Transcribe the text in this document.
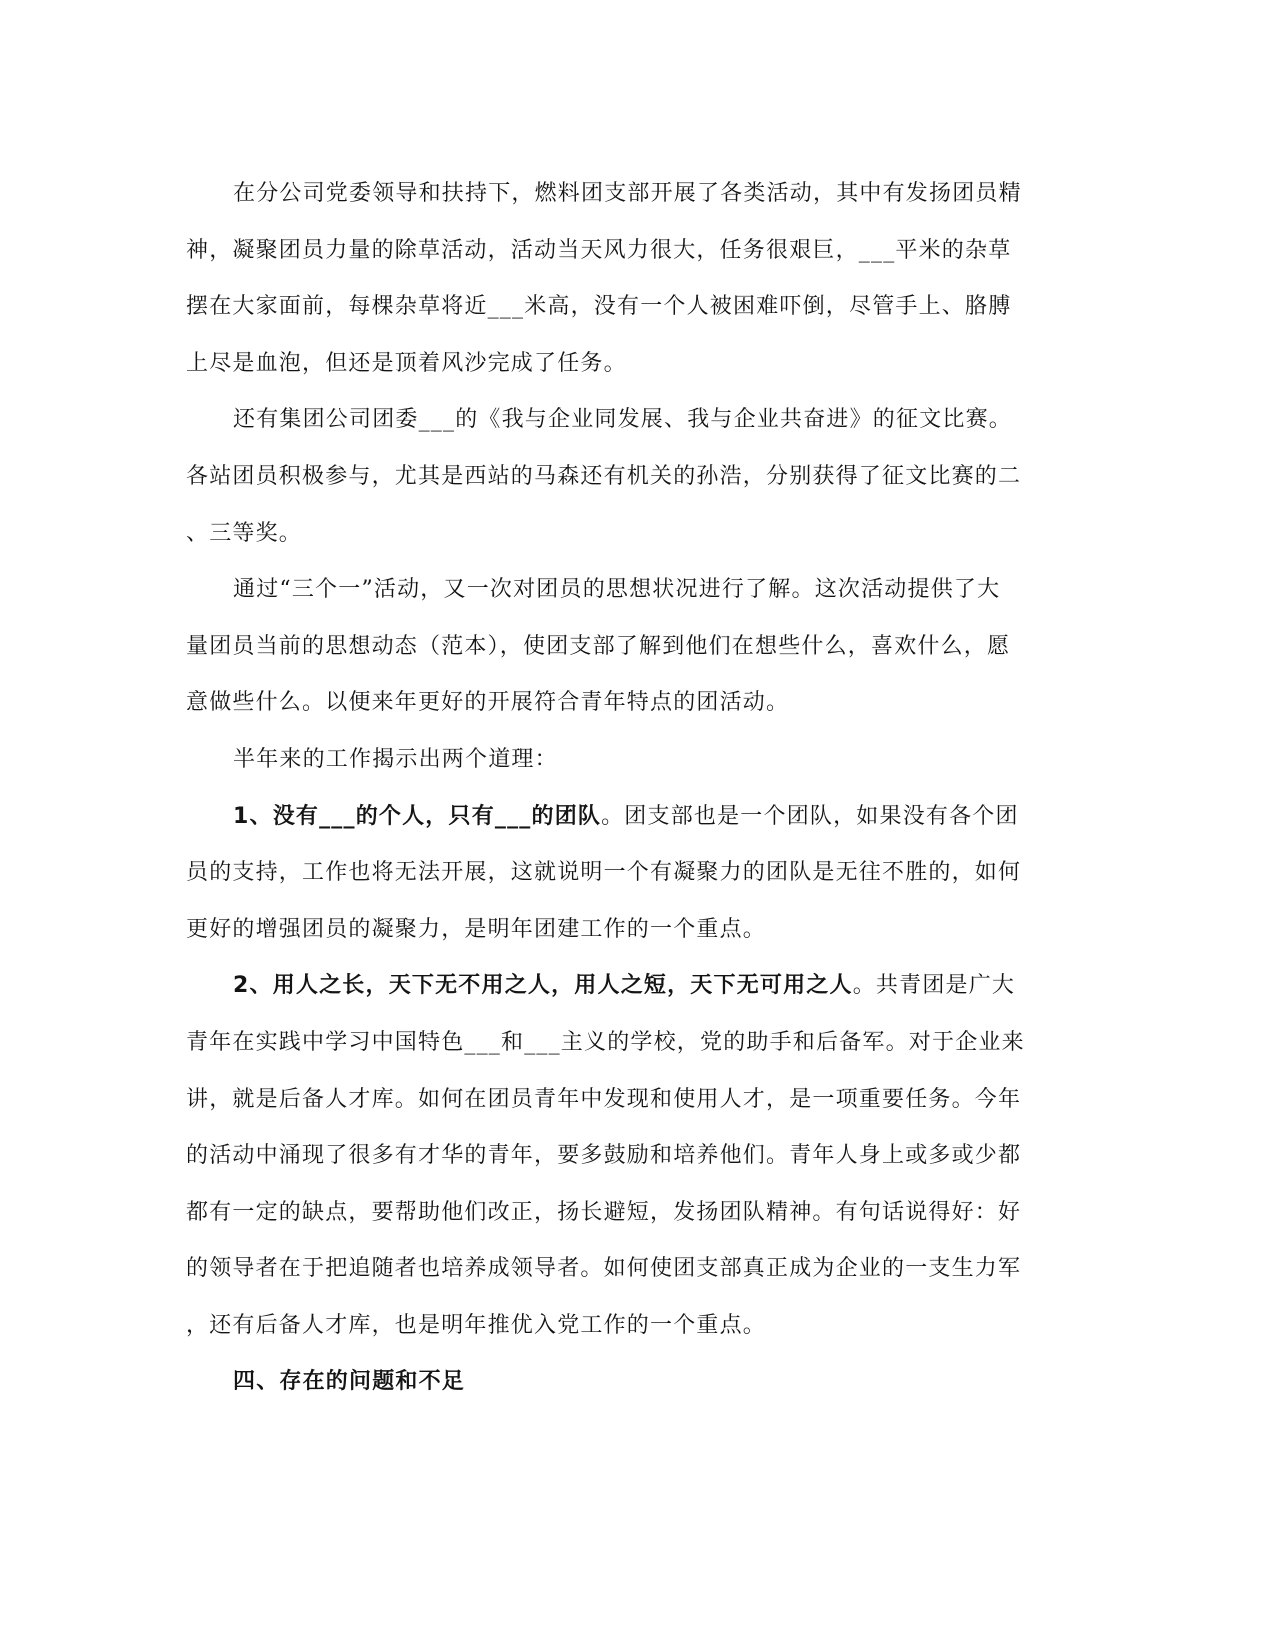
在分公司党委领导和扶持下，燃料团支部开展了各类活动，其中有发扬团员精
神，凝聚团员力量的除草活动，活动当天风力很大，任务很艰巨，___平米的杂草
摆在大家面前，每棵杂草将近___米高，没有一个人被困难吓倒，尽管手上、胳膊
上尽是血泡，但还是顶着风沙完成了任务。
还有集团公司团委___的《我与企业同发展、我与企业共奋进》的征文比赛。
各站团员积极参与，尤其是西站的马森还有机关的孙浩，分别获得了征文比赛的二
、三等奖。
通过“三个一”活动，又一次对团员的思想状况进行了解。这次活动提供了大
量团员当前的思想动态（范本），使团支部了解到他们在想些什么，喜欢什么，愿
意做些什么。以便来年更好的开展符合青年特点的团活动。
半年来的工作揭示出两个道理：
1、没有___的个人，只有___的团队。团支部也是一个团队，如果没有各个团
员的支持，工作也将无法开展，这就说明一个有凝聚力的团队是无往不胜的，如何
更好的增强团员的凝聚力，是明年团建工作的一个重点。
2、用人之长，天下无不用之人，用人之短，天下无可用之人。共青团是广大
青年在实践中学习中国特色___和___主义的学校，党的助手和后备军。对于企业来
讲，就是后备人才库。如何在团员青年中发现和使用人才，是一项重要任务。今年
的活动中涌现了很多有才华的青年，要多鼓励和培养他们。青年人身上或多或少都
都有一定的缺点，要帮助他们改正，扬长避短，发扬团队精神。有句话说得好：好
的领导者在于把追随者也培养成领导者。如何使团支部真正成为企业的一支生力军
，还有后备人才库，也是明年推优入党工作的一个重点。
四、存在的问题和不足
